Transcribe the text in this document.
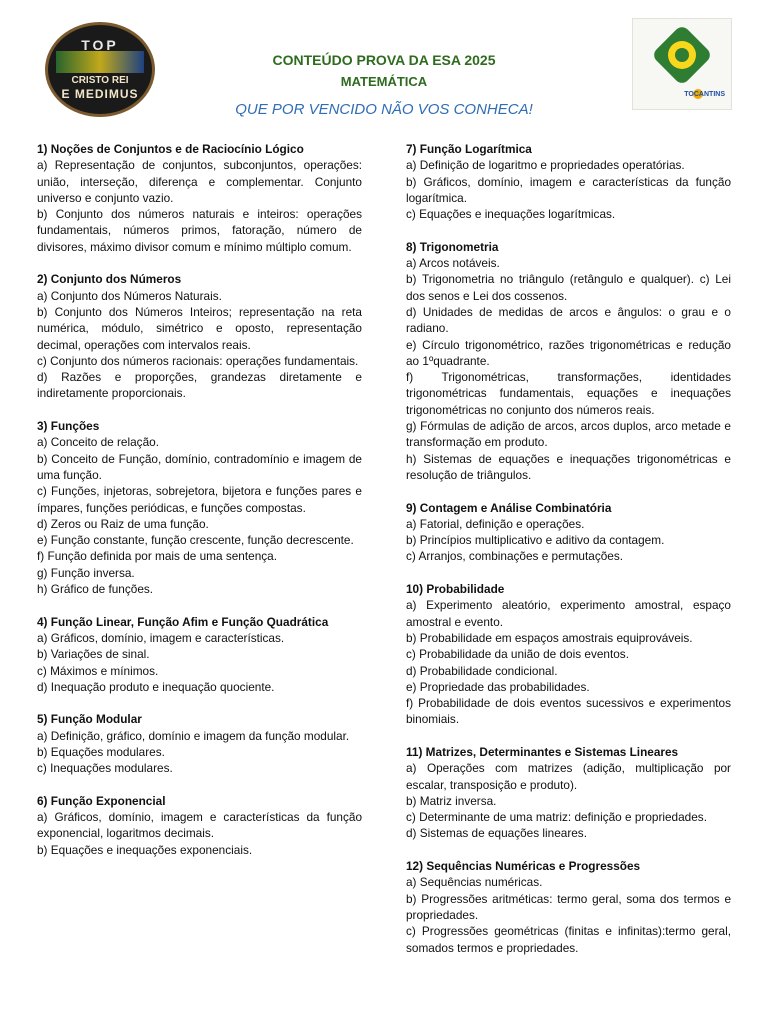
TOP
CRISTO REI
E MEDIMUS
CONTEÚDO PROVA DA ESA 2025
MATEMÁTICA
QUE POR VENCIDO NÃO VOS CONHECA!
TOCANTINS
1) Noções de Conjuntos e de Raciocínio Lógico

a) Representação de conjuntos, subconjuntos, operações: união, interseção, diferença e complementar. Conjunto universo e conjunto vazio.

b) Conjunto dos números naturais e inteiros: operações fundamentais, números primos, fatoração, número de divisores, máximo divisor comum e mínimo múltiplo comum.

2) Conjunto dos Números

a) Conjunto dos Números Naturais.

b) Conjunto dos Números Inteiros; representação na reta numérica, módulo, simétrico e oposto, representação decimal, operações com intervalos reais.

c) Conjunto dos números racionais: operações fundamentais.

d) Razões e proporções, grandezas diretamente e indiretamente proporcionais.

3) Funções

a) Conceito de relação.

b) Conceito de Função, domínio, contradomínio e imagem de uma função.

c) Funções, injetoras, sobrejetora, bijetora e funções pares e ímpares, funções periódicas, e funções compostas.

d) Zeros ou Raiz de uma função.

e) Função constante, função crescente, função decrescente.

f) Função definida por mais de uma sentença.

g) Função inversa.

h) Gráfico de funções.

4) Função Linear, Função Afim e Função Quadrática

a) Gráficos, domínio, imagem e características.

b) Variações de sinal.

c) Máximos e mínimos.

d) Inequação produto e inequação quociente.

5) Função Modular

a) Definição, gráfico, domínio e imagem da função modular.

b) Equações modulares.

c) Inequações modulares.

6) Função Exponencial

a) Gráficos, domínio, imagem e características da função exponencial, logaritmos decimais.

b) Equações e inequações exponenciais.

7) Função Logarítmica

a) Definição de logaritmo e propriedades operatórias.

b) Gráficos, domínio, imagem e características da função logarítmica.

c) Equações e inequações logarítmicas.

8) Trigonometria

a) Arcos notáveis.

b) Trigonometria no triângulo (retângulo e qualquer). c) Lei dos senos e Lei dos cossenos.

d) Unidades de medidas de arcos e ângulos: o grau e o radiano.

e) Círculo trigonométrico, razões trigonométricas e redução ao 1ºquadrante.

f) Trigonométricas, transformações, identidades trigonométricas fundamentais, equações e inequações trigonométricas no conjunto dos números reais.

g) Fórmulas de adição de arcos, arcos duplos, arco metade e transformação em produto.

h) Sistemas de equações e inequações trigonométricas e resolução de triângulos.

9) Contagem e Análise Combinatória

a) Fatorial, definição e operações.

b) Princípios multiplicativo e aditivo da contagem.

c) Arranjos, combinações e permutações.

10) Probabilidade

a) Experimento aleatório, experimento amostral, espaço amostral e evento.

b) Probabilidade em espaços amostrais equiprováveis.

c) Probabilidade da união de dois eventos.

d) Probabilidade condicional.

e) Propriedade das probabilidades.

f) Probabilidade de dois eventos sucessivos e experimentos binomiais.

11) Matrizes, Determinantes e Sistemas Lineares

a) Operações com matrizes (adição, multiplicação por escalar, transposição e produto).

b) Matriz inversa.

c) Determinante de uma matriz: definição e propriedades.

d) Sistemas de equações lineares.

12) Sequências Numéricas e Progressões

a) Sequências numéricas.

b) Progressões aritméticas: termo geral, soma dos termos e propriedades.

c) Progressões geométricas (finitas e infinitas):termo geral, somados termos e propriedades.
